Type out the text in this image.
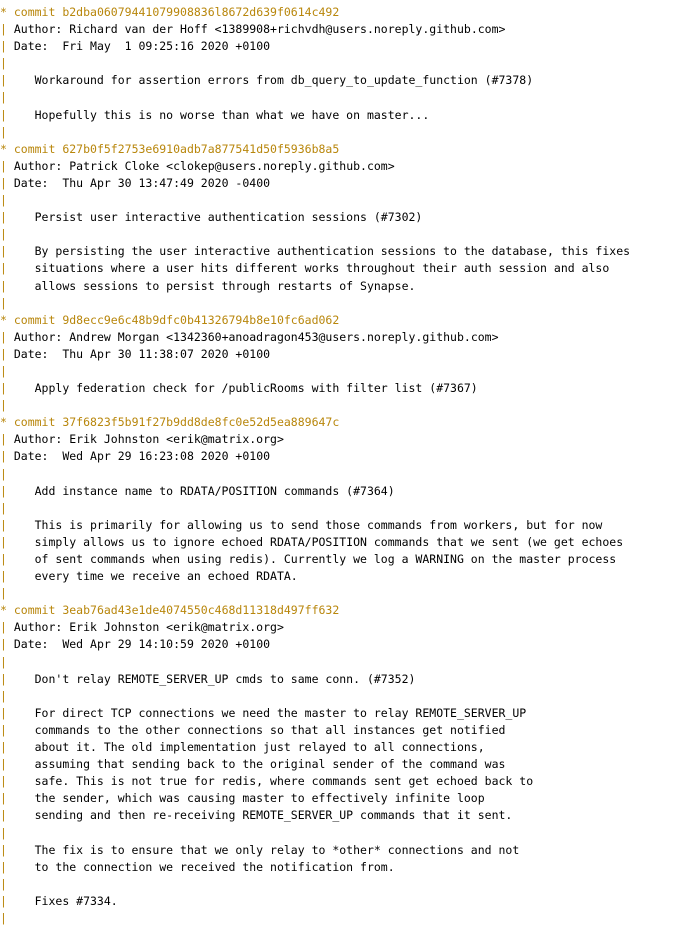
* commit b2dba06079441079908836l8672d639f0614c492
| Author: Richard van der Hoff <1389908+richvdh@users.noreply.github.com>
| Date:  Fri May  1 09:25:16 2020 +0100
|
|    Workaround for assertion errors from db_query_to_update_function (#7378)
|
|    Hopefully this is no worse than what we have on master...
|
* commit 627b0f5f2753e6910adb7a877541d50f5936b8a5
| Author: Patrick Cloke <clokep@users.noreply.github.com>
| Date:  Thu Apr 30 13:47:49 2020 -0400
|
|    Persist user interactive authentication sessions (#7302)
|
|    By persisting the user interactive authentication sessions to the database, this fixes
|    situations where a user hits different works throughout their auth session and also
|    allows sessions to persist through restarts of Synapse.
|
* commit 9d8ecc9e6c48b9dfc0b41326794b8e10fc6ad062
| Author: Andrew Morgan <1342360+anoadragon453@users.noreply.github.com>
| Date:  Thu Apr 30 11:38:07 2020 +0100
|
|    Apply federation check for /publicRooms with filter list (#7367)
|
* commit 37f6823f5b91f27b9dd8de8fc0e52d5ea889647c
| Author: Erik Johnston <erik@matrix.org>
| Date:  Wed Apr 29 16:23:08 2020 +0100
|
|    Add instance name to RDATA/POSITION commands (#7364)
|
|    This is primarily for allowing us to send those commands from workers, but for now
|    simply allows us to ignore echoed RDATA/POSITION commands that we sent (we get echoes
|    of sent commands when using redis). Currently we log a WARNING on the master process
|    every time we receive an echoed RDATA.
|
* commit 3eab76ad43e1de4074550c468d11318d497ff632
| Author: Erik Johnston <erik@matrix.org>
| Date:  Wed Apr 29 14:10:59 2020 +0100
|
|    Don't relay REMOTE_SERVER_UP cmds to same conn. (#7352)
|
|    For direct TCP connections we need the master to relay REMOTE_SERVER_UP
|    commands to the other connections so that all instances get notified
|    about it. The old implementation just relayed to all connections,
|    assuming that sending back to the original sender of the command was
|    safe. This is not true for redis, where commands sent get echoed back to
|    the sender, which was causing master to effectively infinite loop
|    sending and then re-receiving REMOTE_SERVER_UP commands that it sent.
|
|    The fix is to ensure that we only relay to *other* connections and not
|    to the connection we received the notification from.
|
|    Fixes #7334.
|
